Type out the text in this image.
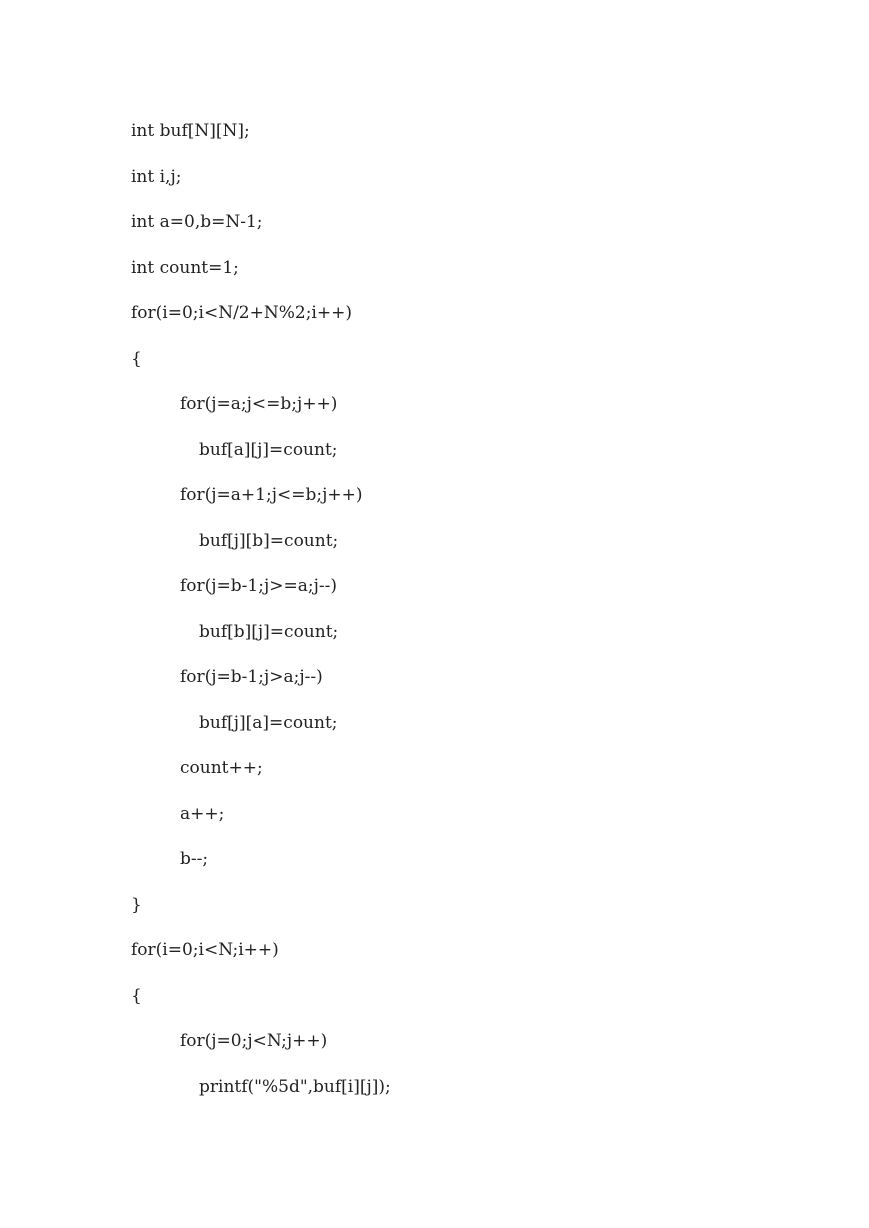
int buf[N][N];
int i,j;
int a=0,b=N-1;
int count=1;
for(i=0;i<N/2+N%2;i++)
{
for(j=a;j<=b;j++)
buf[a][j]=count;
for(j=a+1;j<=b;j++)
buf[j][b]=count;
for(j=b-1;j>=a;j--)
buf[b][j]=count;
for(j=b-1;j>a;j--)
buf[j][a]=count;
count++;
a++;
b--;
}
for(i=0;i<N;i++)
{
for(j=0;j<N;j++)
printf("%5d",buf[i][j]);
